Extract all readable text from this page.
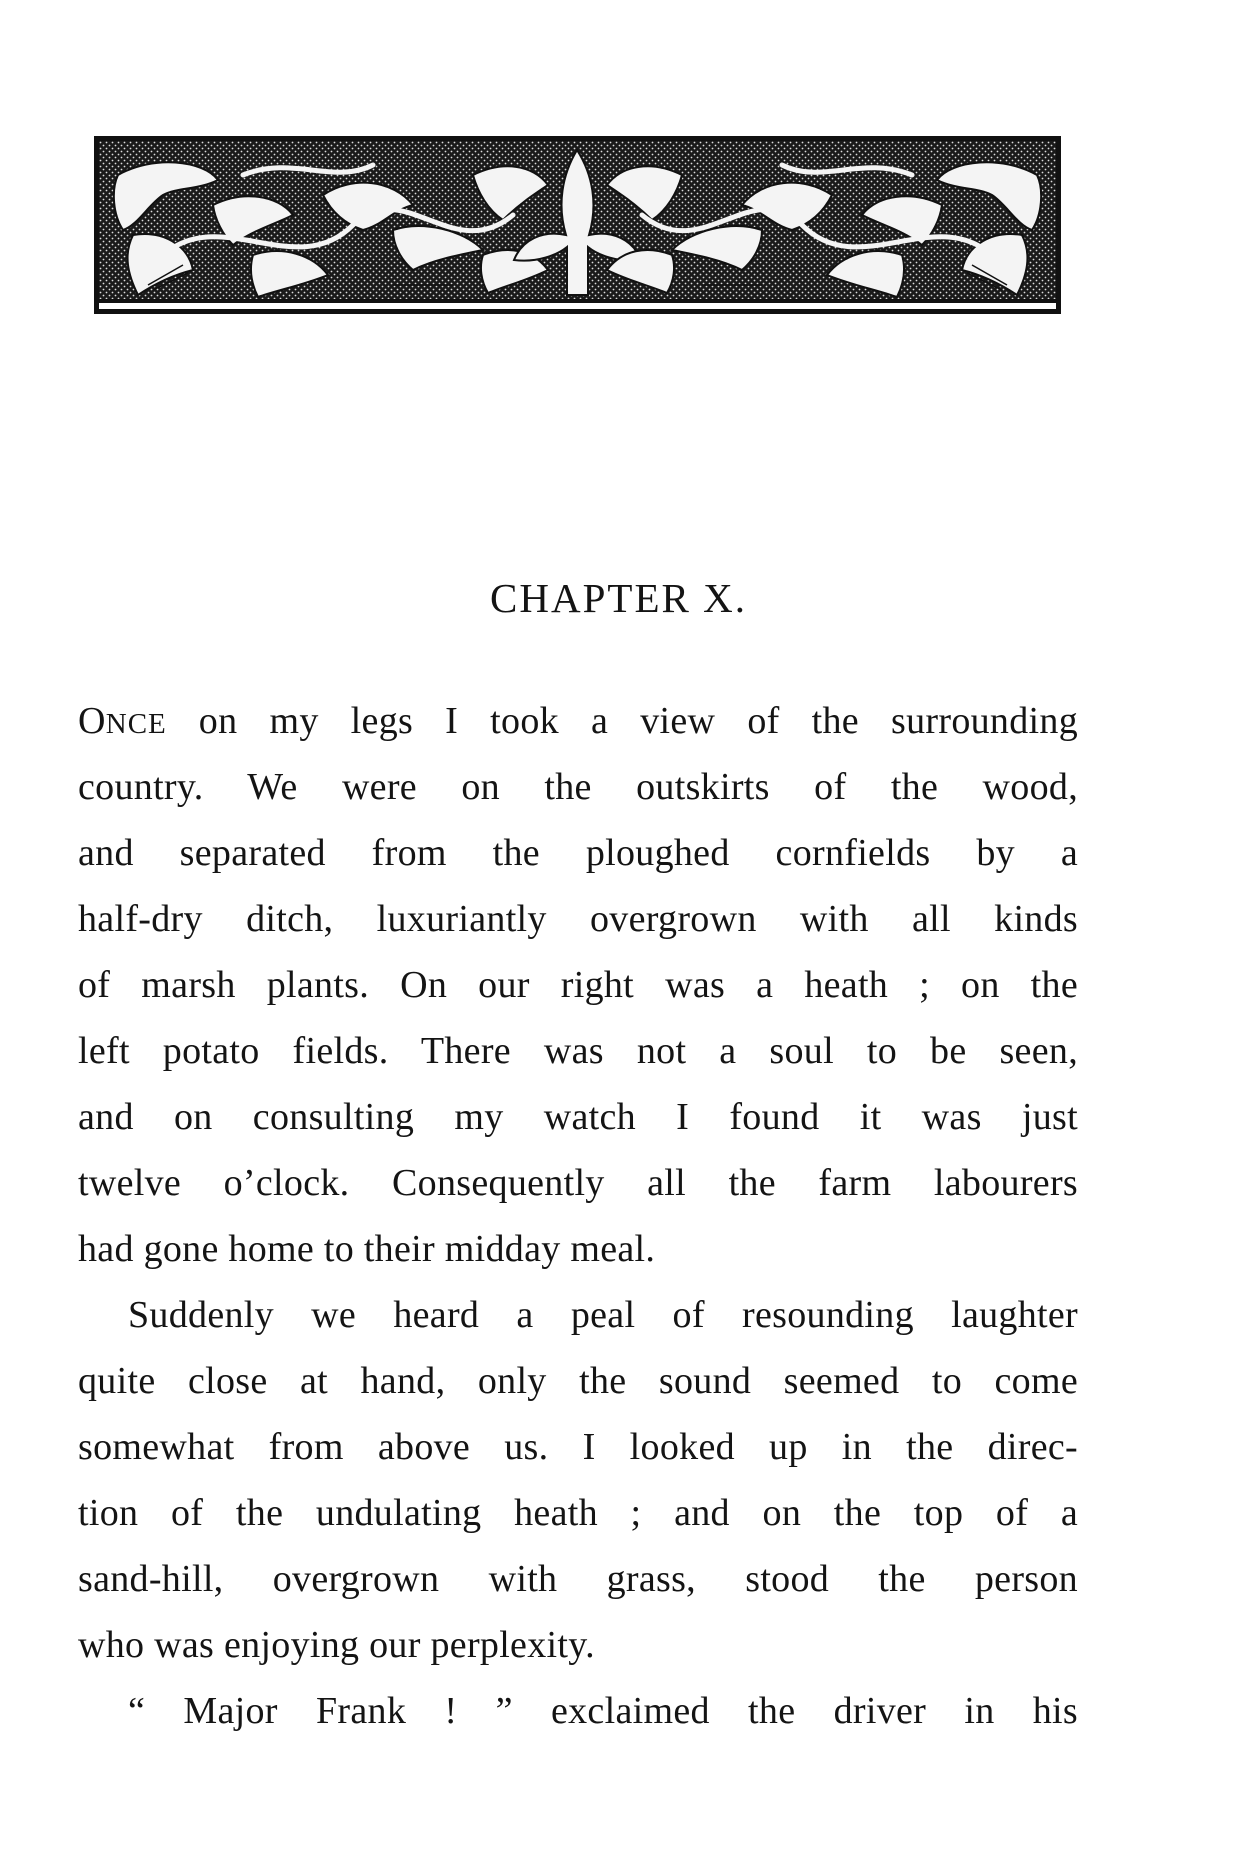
CHAPTER X.
ONCE on my legs I took a view of the surrounding
country. We were on the outskirts of the wood,
and separated from the ploughed cornfields by a
half-dry ditch, luxuriantly overgrown with all kinds
of marsh plants. On our right was a heath ; on the
left potato fields. There was not a soul to be seen,
and on consulting my watch I found it was just
twelve o’clock. Consequently all the farm labourers
had gone home to their midday meal.
Suddenly we heard a peal of resounding laughter
quite close at hand, only the sound seemed to come
somewhat from above us. I looked up in the direc-
tion of the undulating heath ; and on the top of a
sand-hill, overgrown with grass, stood the person
who was enjoying our perplexity.
“ Major Frank ! ” exclaimed the driver in his
